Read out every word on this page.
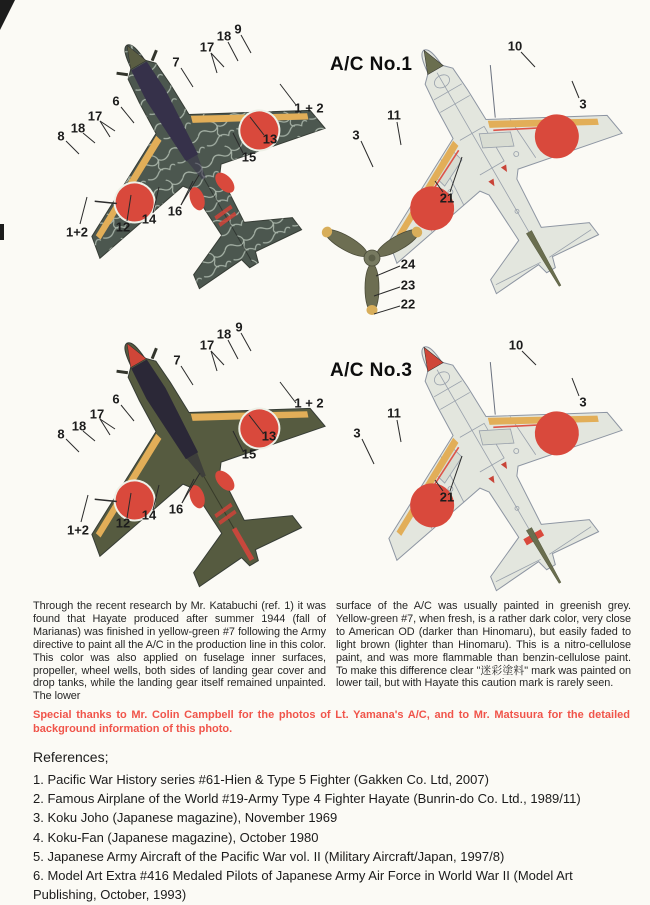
17
18 9
7
6
17
18
8
1 + 2
13
15
16
14
12
1+2
10
3
11
3
21
24
23
22
17
18 9
7
6
17
18
8
1 + 2
13
15
16
14
12
1+2
10
3
11
3
21
A/C No.1
A/C No.3
Through the recent research by Mr. Katabuchi (ref. 1) it was found that Hayate produced after summer 1944 (fall of Marianas) was finished in yellow-green #7 following the Army directive to paint all the A/C in the production line in this color. This color was also applied on fuselage inner surfaces, propeller, wheel wells, both sides of landing gear cover and drop tanks, while the landing gear itself remained unpainted. The lower
surface of the A/C was usually painted in greenish grey. Yellow-green #7, when fresh, is a rather dark color, very close to American OD (darker than Hinomaru), but easily faded to light brown (lighter than Hinomaru). This is a nitro-cellulose paint, and was more flammable than benzin-cellulose paint. To make this difference clear "迷彩塗料" mark was painted on lower tail, but with Hayate this caution mark is rarely seen.
Special thanks to Mr. Colin Campbell for the photos of Lt. Yamana's A/C, and to Mr. Matsuura for the detailed background information of this photo.
References;
1. Pacific War History series #61-Hien & Type 5 Fighter (Gakken Co. Ltd, 2007)
2. Famous Airplane of the World #19-Army Type 4 Fighter Hayate (Bunrin-do Co. Ltd., 1989/11)
3. Koku Joho (Japanese magazine), November 1969
4. Koku-Fan (Japanese magazine), October 1980
5. Japanese Army Aircraft of the Pacific War vol. II (Military Aircraft/Japan, 1997/8)
6. Model Art Extra #416 Medaled Pilots of Japanese Army Air Force in World War II (Model Art Publishing, October, 1993)
